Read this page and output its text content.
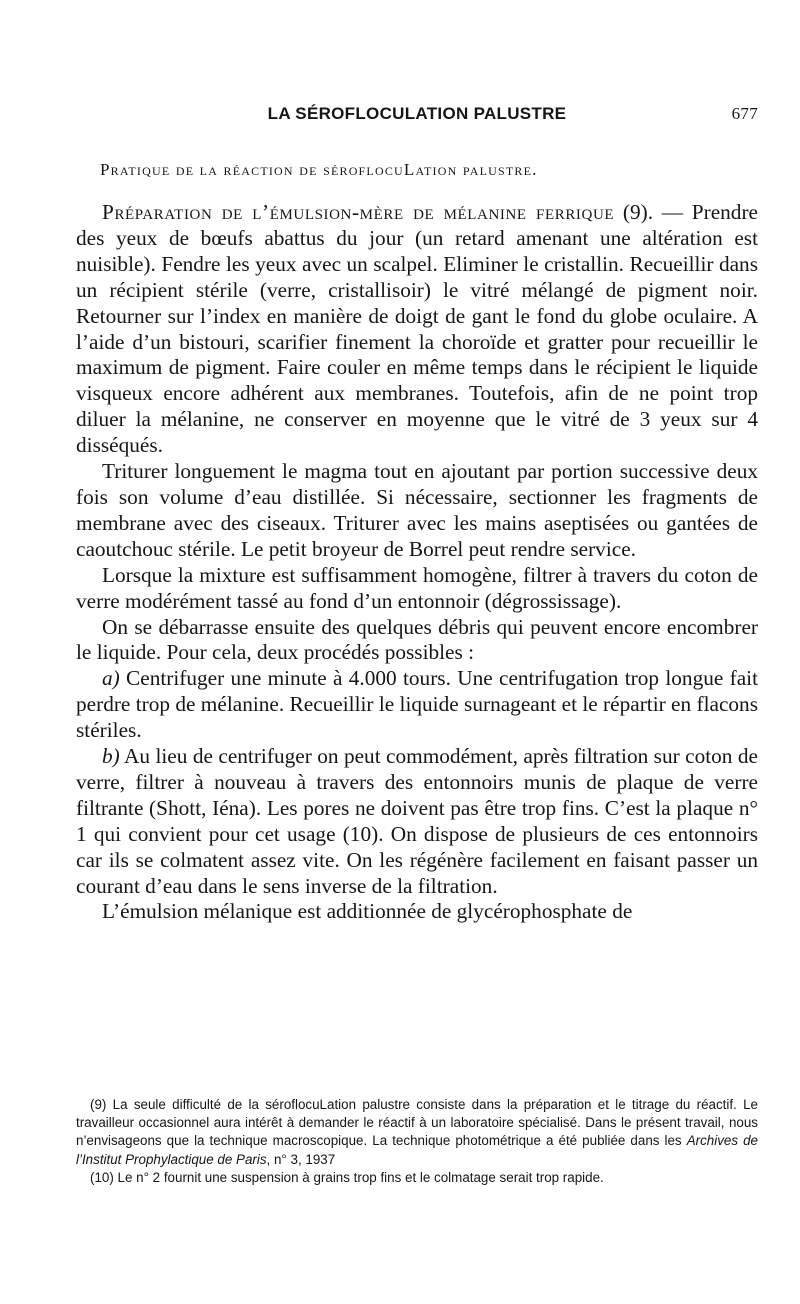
LA SÉROFLOCULATION PALUSTRE	677
Pratique de la réaction de séroflocuLation palustre.

Préparation de l’émulsion-mère de mélanine ferrique (9). — Prendre des yeux de bœufs abattus du jour (un retard amenant une altération est nuisible). Fendre les yeux avec un scalpel. Eliminer le cristallin. Recueillir dans un récipient stérile (verre, cristallisoir) le vitré mélangé de pigment noir. Retourner sur l’index en manière de doigt de gant le fond du globe oculaire. A l’aide d’un bistouri, scarifier finement la choroïde et gratter pour recueillir le maximum de pigment. Faire couler en même temps dans le récipient le liquide visqueux encore adhérent aux membranes. Toutefois, afin de ne point trop diluer la mélanine, ne conserver en moyenne que le vitré de 3 yeux sur 4 disséqués.

Triturer longuement le magma tout en ajoutant par portion successive deux fois son volume d’eau distillée. Si nécessaire, sectionner les fragments de membrane avec des ciseaux. Triturer avec les mains aseptisées ou gantées de caoutchouc stérile. Le petit broyeur de Borrel peut rendre service.

Lorsque la mixture est suffisamment homogène, filtrer à travers du coton de verre modérément tassé au fond d’un entonnoir (dégrossissage).

On se débarrasse ensuite des quelques débris qui peuvent encore encombrer le liquide. Pour cela, deux procédés possibles :

a) Centrifuger une minute à 4.000 tours. Une centrifugation trop longue fait perdre trop de mélanine. Recueillir le liquide surnageant et le répartir en flacons stériles.

b) Au lieu de centrifuger on peut commodément, après filtration sur coton de verre, filtrer à nouveau à travers des entonnoirs munis de plaque de verre filtrante (Shott, Iéna). Les pores ne doivent pas être trop fins. C’est la plaque n° 1 qui convient pour cet usage (10). On dispose de plusieurs de ces entonnoirs car ils se colmatent assez vite. On les régénère facilement en faisant passer un courant d’eau dans le sens inverse de la filtration.

L’émulsion mélanique est additionnée de glycérophosphate de

(9) La seule difficulté de la séroflocuLation palustre consiste dans la préparation et le titrage du réactif. Le travailleur occasionnel aura intérêt à demander le réactif à un laboratoire spécialisé. Dans le présent travail, nous n’envisageons que la technique macroscopique. La technique photométrique a été publiée dans les Archives de l’Institut Prophylactique de Paris, n° 3, 1937

(10) Le n° 2 fournit une suspension à grains trop fins et le colmatage serait trop rapide.
